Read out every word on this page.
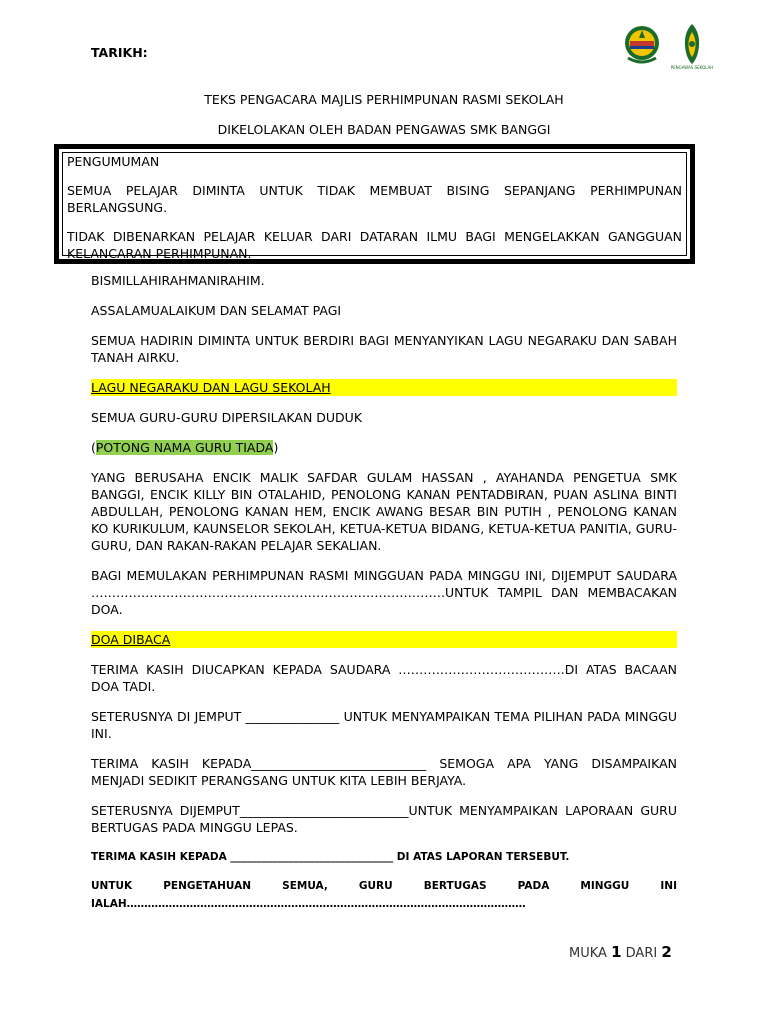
TARIKH:
PENGAWAS SEKOLAH
TEKS PENGACARA MAJLIS PERHIMPUNAN RASMI SEKOLAH
DIKELOLAKAN OLEH BADAN PENGAWAS SMK BANGGI
PENGUMUMAN
SEMUA PELAJAR DIMINTA UNTUK TIDAK MEMBUAT BISING SEPANJANG PERHIMPUNAN BERLANGSUNG.
TIDAK DIBENARKAN PELAJAR KELUAR DARI DATARAN ILMU BAGI MENGELAKKAN GANGGUAN KELANCARAN PERHIMPUNAN.
BISMILLAHIRAHMANIRAHIM.
ASSALAMUALAIKUM DAN SELAMAT PAGI
SEMUA HADIRIN DIMINTA UNTUK BERDIRI BAGI MENYANYIKAN LAGU NEGARAKU DAN SABAH TANAH AIRKU.
LAGU NEGARAKU DAN LAGU SEKOLAH
SEMUA GURU-GURU DIPERSILAKAN DUDUK
(POTONG NAMA GURU TIADA)
YANG BERUSAHA ENCIK MALIK SAFDAR GULAM HASSAN , AYAHANDA PENGETUA SMK BANGGI, ENCIK KILLY BIN OTALAHID, PENOLONG KANAN PENTADBIRAN, PUAN ASLINA BINTI ABDULLAH, PENOLONG KANAN HEM, ENCIK AWANG BESAR BIN PUTIH , PENOLONG KANAN KO KURIKULUM, KAUNSELOR SEKOLAH, KETUA-KETUA BIDANG, KETUA-KETUA PANITIA, GURU-GURU, DAN RAKAN-RAKAN PELAJAR SEKALIAN.
BAGI MEMULAKAN PERHIMPUNAN RASMI MINGGUAN PADA MINGGU INI, DIJEMPUT SAUDARA ………………………………………………………………………….UNTUK TAMPIL DAN MEMBACAKAN DOA.
DOA DIBACA
TERIMA KASIH DIUCAPKAN KEPADA SAUDARA ………………………………….DI ATAS BACAAN DOA TADI.
SETERUSNYA DI JEMPUT _______________ UNTUK MENYAMPAIKAN TEMA PILIHAN PADA MINGGU INI.
TERIMA KASIH KEPADA____________________________ SEMOGA APA YANG DISAMPAIKAN MENJADI SEDIKIT PERANGSANG UNTUK KITA LEBIH BERJAYA.
SETERUSNYA DIJEMPUT___________________________UNTUK MENYAMPAIKAN LAPORAAN GURU BERTUGAS PADA MINGGU LEPAS.
TERIMA KASIH KEPADA _______________________________ DI ATAS LAPORAN TERSEBUT.
UNTUK PENGETAHUAN SEMUA, GURU BERTUGAS PADA MINGGU INI IALAH……………………………………………………………………………………………………
MUKA 1 DARI 2
